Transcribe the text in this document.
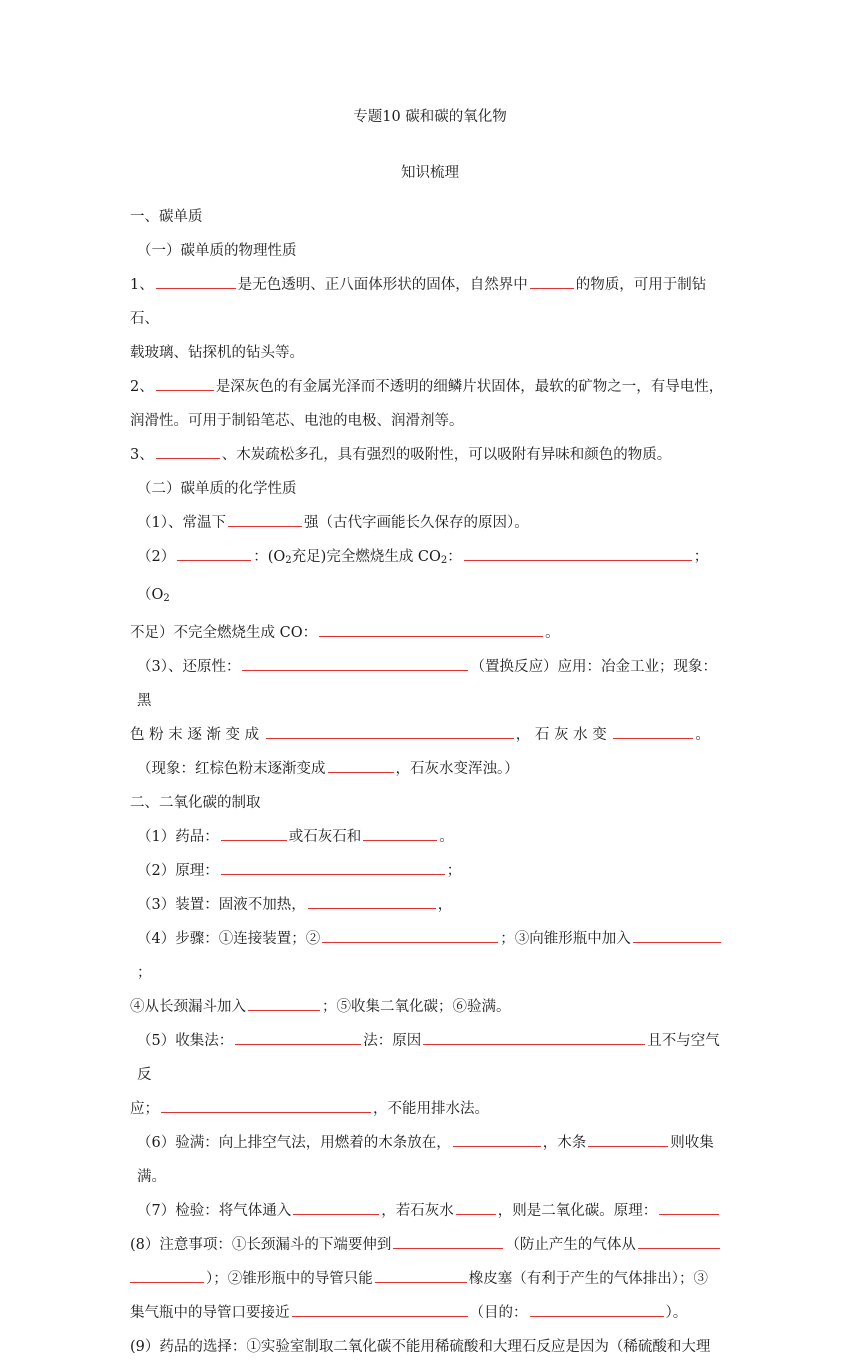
专题10 碳和碳的氧化物

知识梳理

一、碳单质

（一）碳单质的物理性质

1、	是无色透明、正八面体形状的固体，自然界中	的物质，可用于制钻石、

载玻璃、钻探机的钻头等。

2、	是深灰色的有金属光泽而不透明的细鳞片状固体，最软的矿物之一，有导电性，

润滑性。可用于制铅笔芯、电池的电极、润滑剂等。

3、	、木炭疏松多孔，具有强烈的吸附性，可以吸附有异味和颜色的物质。

（二）碳单质的化学性质

（1）、常温下	强（古代字画能长久保存的原因）。

（2）	：($O_2$充足)完全燃烧生成 $CO_2$：	；（$O_2$

不足）不完全燃烧生成 CO：	。

（3）、还原性：	（置换反应）应用：冶金工业；现象：黑

色 粉 末 逐 渐 变 成	， 石 灰 水 变	。

（现象：红棕色粉末逐渐变成	，石灰水变浑浊。）

二、二氧化碳的制取

（1）药品：	或石灰石和	。

（2）原理：	；

（3）装置：固液不加热，	，

（4）步骤：①连接装置；②	；③向锥形瓶中加入；

④从长颈漏斗加入	；⑤收集二氧化碳；⑥验满。

（5）收集法：	法：原因	且不与空气反

应；	，不能用排水法。

（6）验满：向上排空气法，用燃着的木条放在，	，木条	则收集满。

（7）检验：将气体通入	，若石灰水	，则是二氧化碳。原理：

(8）注意事项：①长颈漏斗的下端要伸到	（防止产生的气体从

）；②锥形瓶中的导管只能	橡皮塞（有利于产生的气体排出）；③

集气瓶中的导管口要接近	（目的：	）。

(9）药品的选择：①实验室制取二氧化碳不能用稀硫酸和大理石反应是因为（稀硫酸和大理
